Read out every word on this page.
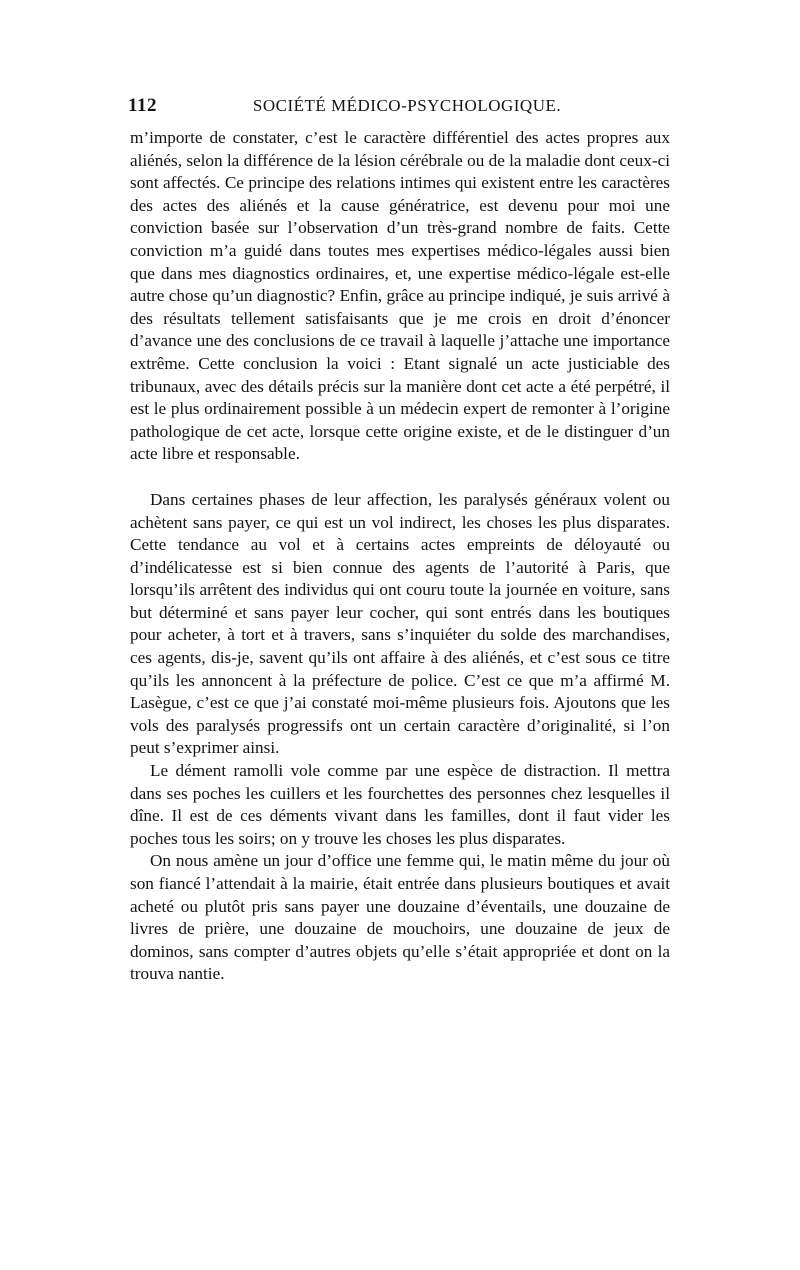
112	SOCIÉTÉ MÉDICO-PSYCHOLOGIQUE.

m’importe de constater, c’est le caractère différentiel des actes propres aux aliénés, selon la différence de la lésion cérébrale ou de la maladie dont ceux-ci sont affectés. Ce principe des relations intimes qui existent entre les caractères des actes des aliénés et la cause génératrice, est devenu pour moi une conviction basée sur l’observation d’un très-grand nombre de faits. Cette conviction m’a guidé dans toutes mes expertises médico-légales aussi bien que dans mes diagnostics ordinaires, et, une expertise médico-légale est-elle autre chose qu’un diagnostic? Enfin, grâce au principe indiqué, je suis arrivé à des résultats tellement satisfaisants que je me crois en droit d’énoncer d’avance une des conclusions de ce travail à laquelle j’attache une importance extrême. Cette conclusion la voici : Etant signalé un acte justiciable des tribunaux, avec des détails précis sur la manière dont cet acte a été perpétré, il est le plus ordinairement possible à un médecin expert de remonter à l’origine pathologique de cet acte, lorsque cette origine existe, et de le distinguer d’un acte libre et responsable.

Dans certaines phases de leur affection, les paralysés généraux volent ou achètent sans payer, ce qui est un vol indirect, les choses les plus disparates. Cette tendance au vol et à certains actes empreints de déloyauté ou d’indélicatesse est si bien connue des agents de l’autorité à Paris, que lorsqu’ils arrêtent des individus qui ont couru toute la journée en voiture, sans but déterminé et sans payer leur cocher, qui sont entrés dans les boutiques pour acheter, à tort et à travers, sans s’inquiéter du solde des marchandises, ces agents, dis-je, savent qu’ils ont affaire à des aliénés, et c’est sous ce titre qu’ils les annoncent à la préfecture de police. C’est ce que m’a affirmé M. Lasègue, c’est ce que j’ai constaté moi-même plusieurs fois. Ajoutons que les vols des paralysés progressifs ont un certain caractère d’originalité, si l’on peut s’exprimer ainsi.

Le dément ramolli vole comme par une espèce de distraction. Il mettra dans ses poches les cuillers et les fourchettes des personnes chez lesquelles il dîne. Il est de ces déments vivant dans les familles, dont il faut vider les poches tous les soirs; on y trouve les choses les plus disparates.

On nous amène un jour d’office une femme qui, le matin même du jour où son fiancé l’attendait à la mairie, était entrée dans plusieurs boutiques et avait acheté ou plutôt pris sans payer une douzaine d’éventails, une douzaine de livres de prière, une douzaine de mouchoirs, une douzaine de jeux de dominos, sans compter d’autres objets qu’elle s’était appropriée et dont on la trouva nantie.
